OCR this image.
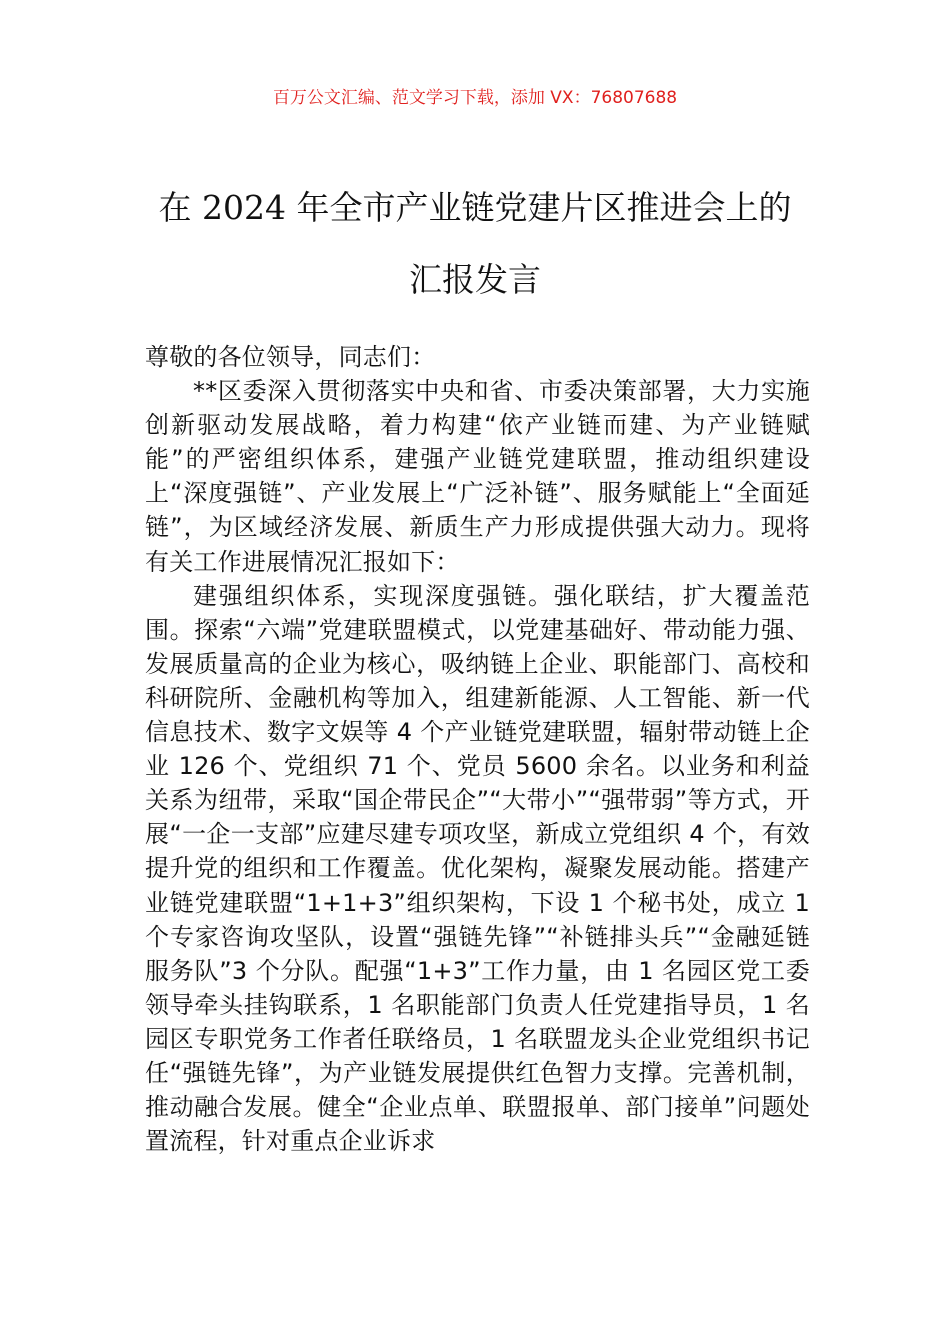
百万公文汇编、范文学习下载，添加 VX：76807688
在 2024 年全市产业链党建片区推进会上的
汇报发言

尊敬的各位领导，同志们：

**区委深入贯彻落实中央和省、市委决策部署，大力实施创新驱动发展战略，着力构建“依产业链而建、为产业链赋能”的严密组织体系，建强产业链党建联盟，推动组织建设上“深度强链”、产业发展上“广泛补链”、服务赋能上“全面延链”，为区域经济发展、新质生产力形成提供强大动力。现将有关工作进展情况汇报如下：

建强组织体系，实现深度强链。强化联结，扩大覆盖范围。探索“六端”党建联盟模式，以党建基础好、带动能力强、发展质量高的企业为核心，吸纳链上企业、职能部门、高校和科研院所、金融机构等加入，组建新能源、人工智能、新一代信息技术、数字文娱等 4 个产业链党建联盟，辐射带动链上企业 126 个、党组织 71 个、党员 5600 余名。以业务和利益关系为纽带，采取“国企带民企”“大带小”“强带弱”等方式，开展“一企一支部”应建尽建专项攻坚，新成立党组织 4 个，有效提升党的组织和工作覆盖。优化架构，凝聚发展动能。搭建产业链党建联盟“1+1+3”组织架构，下设 1 个秘书处，成立 1 个专家咨询攻坚队，设置“强链先锋”“补链排头兵”“金融延链服务队”3 个分队。配强“1+3”工作力量，由 1 名园区党工委领导牵头挂钩联系，1 名职能部门负责人任党建指导员，1 名园区专职党务工作者任联络员，1 名联盟龙头企业党组织书记任“强链先锋”，为产业链发展提供红色智力支撑。完善机制，推动融合发展。健全“企业点单、联盟报单、部门接单”问题处置流程，针对重点企业诉求
